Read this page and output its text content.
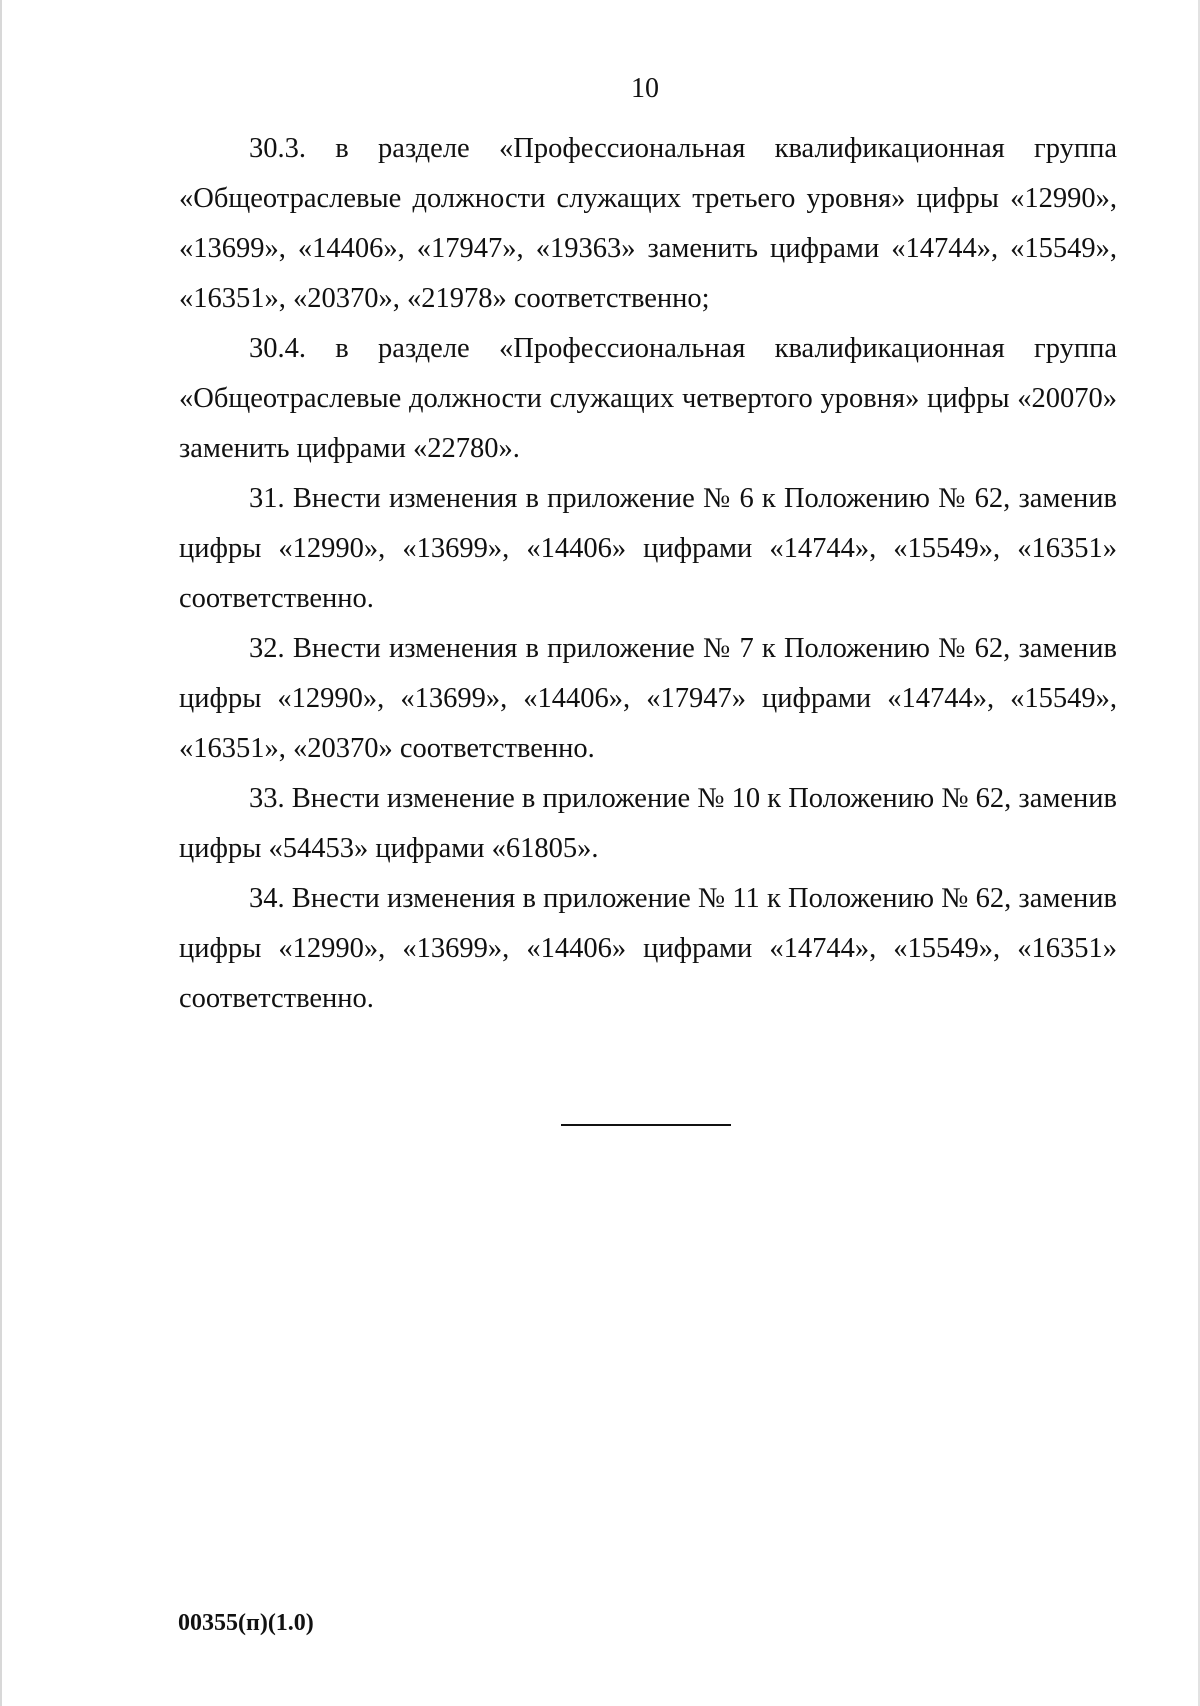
10

30.3. в разделе «Профессиональная квалификационная группа «Общеотраслевые должности служащих третьего уровня» цифры «12990», «13699», «14406», «17947», «19363» заменить цифрами «14744», «15549», «16351», «20370», «21978» соответственно;

30.4. в разделе «Профессиональная квалификационная группа «Общеотраслевые должности служащих четвертого уровня» цифры «20070» заменить цифрами «22780».

31. Внести изменения в приложение № 6 к Положению № 62, заменив цифры «12990», «13699», «14406» цифрами «14744», «15549», «16351» соответственно.

32. Внести изменения в приложение № 7 к Положению № 62, заменив цифры «12990», «13699», «14406», «17947» цифрами «14744», «15549», «16351», «20370» соответственно.

33. Внести изменение в приложение № 10 к Положению № 62, заменив цифры «54453» цифрами «61805».

34. Внести изменения в приложение № 11 к Положению № 62, заменив цифры «12990», «13699», «14406» цифрами «14744», «15549», «16351» соответственно.

00355(п)(1.0)
